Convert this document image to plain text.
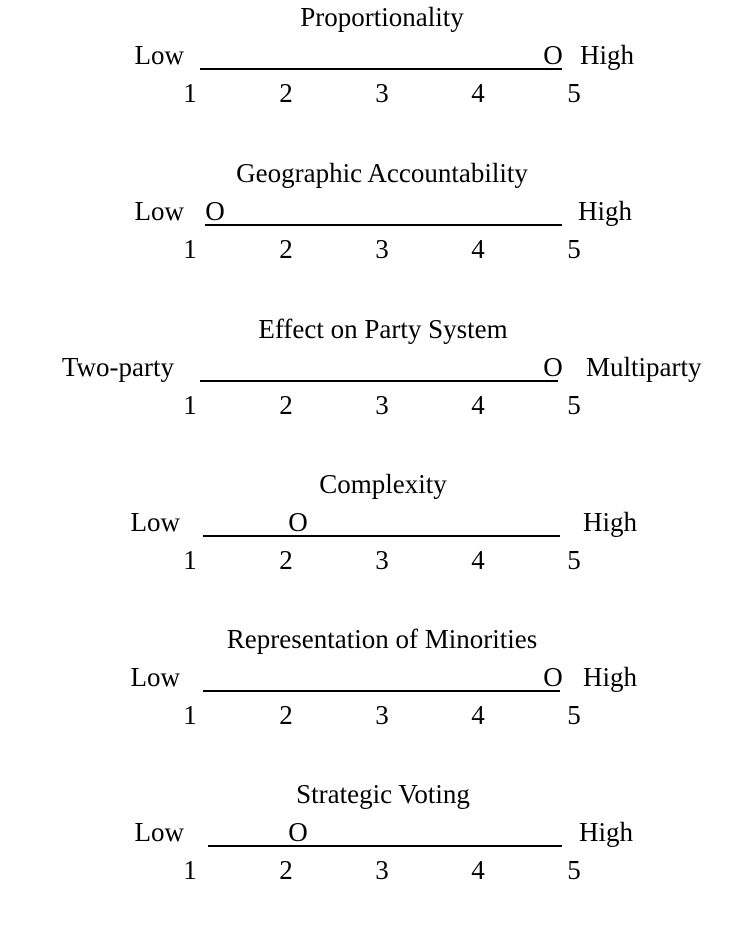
Proportionality
Low	O High
1	2	3	4	5
Geographic Accountability
Low O	High
1	2	3	4	5
Effect on Party System
Two-party	O Multiparty
1	2	3	4	5
Complexity
Low	O	High
1	2	3	4	5
Representation of Minorities
Low	O High
1	2	3	4	5
Strategic Voting
Low	O	High
1	2	3	4	5
